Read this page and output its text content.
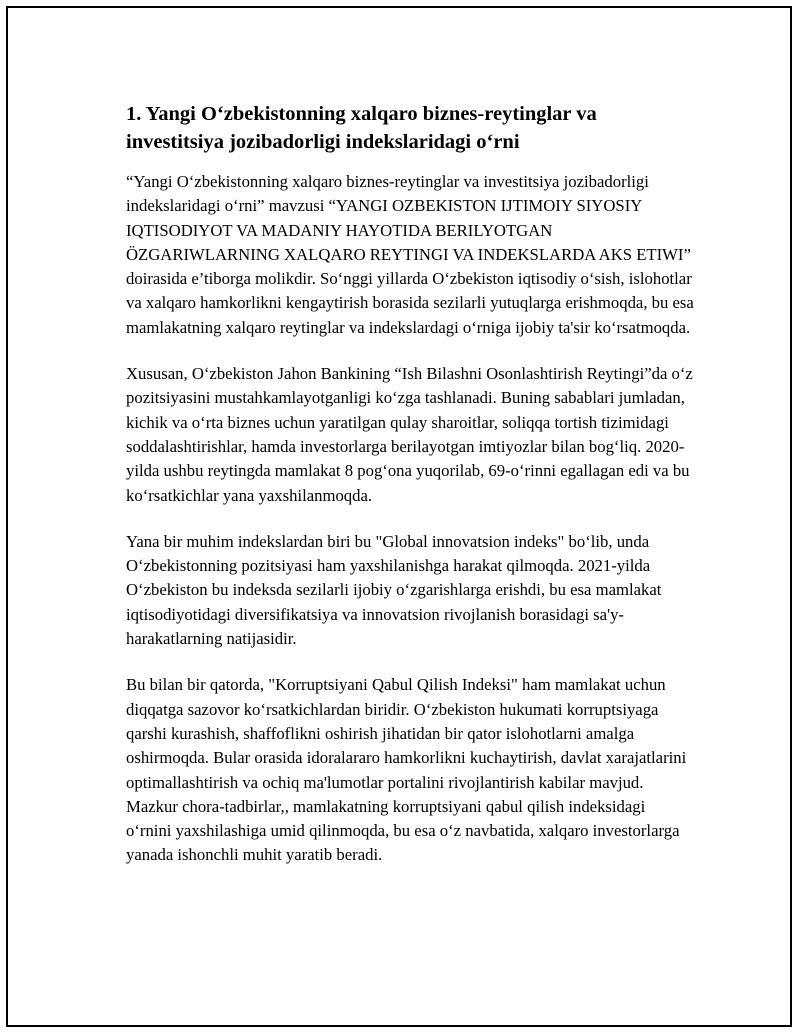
1. Yangi O‘zbekistonning xalqaro biznes-reytinglar va investitsiya jozibadorligi indekslaridagi o‘rni

“Yangi O‘zbekistonning xalqaro biznes-reytinglar va investitsiya jozibadorligi indekslaridagi o‘rni” mavzusi “YANGI OZBEKISTON IJTIMOIY SIYOSIY IQTISODIYOT VA MADANIY HAYOTIDA BERILYOTGAN ÖZGARIWLARNING XALQARO REYTINGI VA INDEKSLARDA AKS ETIWI” doirasida e’tiborga molikdir. So‘nggi yillarda O‘zbekiston iqtisodiy o‘sish, islohotlar va xalqaro hamkorlikni kengaytirish borasida sezilarli yutuqlarga erishmoqda, bu esa mamlakatning xalqaro reytinglar va indekslardagi o‘rniga ijobiy ta'sir ko‘rsatmoqda.

Xususan, O‘zbekiston Jahon Bankining “Ish Bilashni Osonlashtirish Reytingi”da o‘z pozitsiyasini mustahkamlayotganligi ko‘zga tashlanadi. Buning sabablari jumladan, kichik va o‘rta biznes uchun yaratilgan qulay sharoitlar, soliqqa tortish tizimidagi soddalashtirishlar, hamda investorlarga berilayotgan imtiyozlar bilan bog‘liq. 2020-yilda ushbu reytingda mamlakat 8 pog‘ona yuqorilab, 69-o‘rinni egallagan edi va bu ko‘rsatkichlar yana yaxshilanmoqda.

Yana bir muhim indekslardan biri bu "Global innovatsion indeks" bo‘lib, unda O‘zbekistonning pozitsiyasi ham yaxshilanishga harakat qilmoqda. 2021-yilda O‘zbekiston bu indeksda sezilarli ijobiy o‘zgarishlarga erishdi, bu esa mamlakat iqtisodiyotidagi diversifikatsiya va innovatsion rivojlanish borasidagi sa'y-harakatlarning natijasidir.

Bu bilan bir qatorda, "Korruptsiyani Qabul Qilish Indeksi" ham mamlakat uchun diqqatga sazovor ko‘rsatkichlardan biridir. O‘zbekiston hukumati korruptsiyaga qarshi kurashish, shaffoflikni oshirish jihatidan bir qator islohotlarni amalga oshirmoqda. Bular orasida idoralararo hamkorlikni kuchaytirish, davlat xarajatlarini optimallashtirish va ochiq ma'lumotlar portalini rivojlantirish kabilar mavjud. Mazkur chora-tadbirlar,, mamlakatning korruptsiyani qabul qilish indeksidagi o‘rnini yaxshilashiga umid qilinmoqda, bu esa o‘z navbatida, xalqaro investorlarga yanada ishonchli muhit yaratib beradi.
